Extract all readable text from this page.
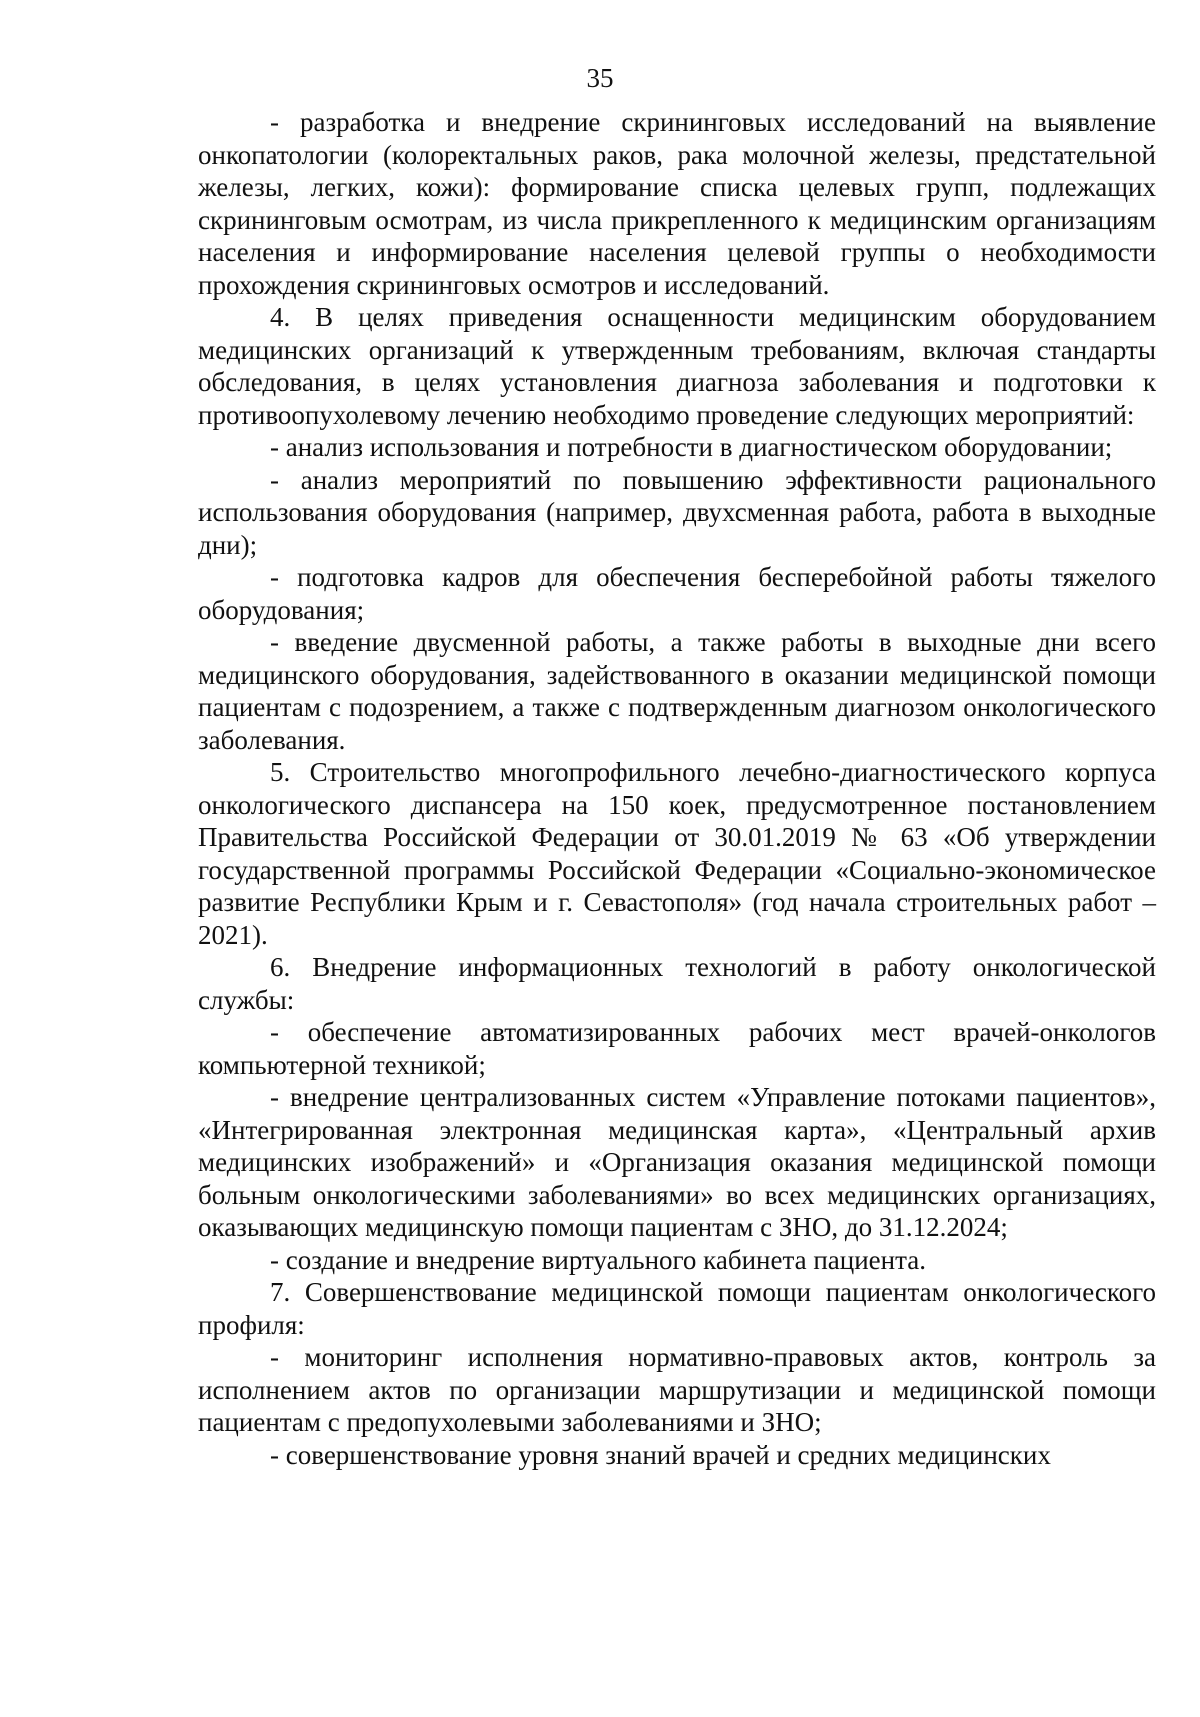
35

- разработка и внедрение скрининговых исследований на выявление онкопатологии (колоректальных раков, рака молочной железы, предстательной железы, легких, кожи): формирование списка целевых групп, подлежащих скрининговым осмотрам, из числа прикрепленного к медицинским организациям населения и информирование населения целевой группы о необходимости прохождения скрининговых осмотров и исследований.

4. В целях приведения оснащенности медицинским оборудованием медицинских организаций к утвержденным требованиям, включая стандарты обследования, в целях установления диагноза заболевания и подготовки к противоопухолевому лечению необходимо проведение следующих мероприятий:

- анализ использования и потребности в диагностическом оборудовании;

- анализ мероприятий по повышению эффективности рационального использования оборудования (например, двухсменная работа, работа в выходные дни);

- подготовка кадров для обеспечения бесперебойной работы тяжелого оборудования;

- введение двусменной работы, а также работы в выходные дни всего медицинского оборудования, задействованного в оказании медицинской помощи пациентам с подозрением, а также с подтвержденным диагнозом онкологического заболевания.

5. Строительство многопрофильного лечебно-диагностического корпуса онкологического диспансера на 150 коек, предусмотренное постановлением Правительства Российской Федерации от 30.01.2019 № 63 «Об утверждении государственной программы Российской Федерации «Социально-экономическое развитие Республики Крым и г. Севастополя» (год начала строительных работ – 2021).

6. Внедрение информационных технологий в работу онкологической службы:

- обеспечение автоматизированных рабочих мест врачей-онкологов компьютерной техникой;

- внедрение централизованных систем «Управление потоками пациентов», «Интегрированная электронная медицинская карта», «Центральный архив медицинских изображений» и «Организация оказания медицинской помощи больным онкологическими заболеваниями» во всех медицинских организациях, оказывающих медицинскую помощи пациентам с ЗНО, до 31.12.2024;

- создание и внедрение виртуального кабинета пациента.

7. Совершенствование медицинской помощи пациентам онкологического профиля:

- мониторинг исполнения нормативно-правовых актов, контроль за исполнением актов по организации маршрутизации и медицинской помощи пациентам с предопухолевыми заболеваниями и ЗНО;

- совершенствование уровня знаний врачей и средних медицинских
